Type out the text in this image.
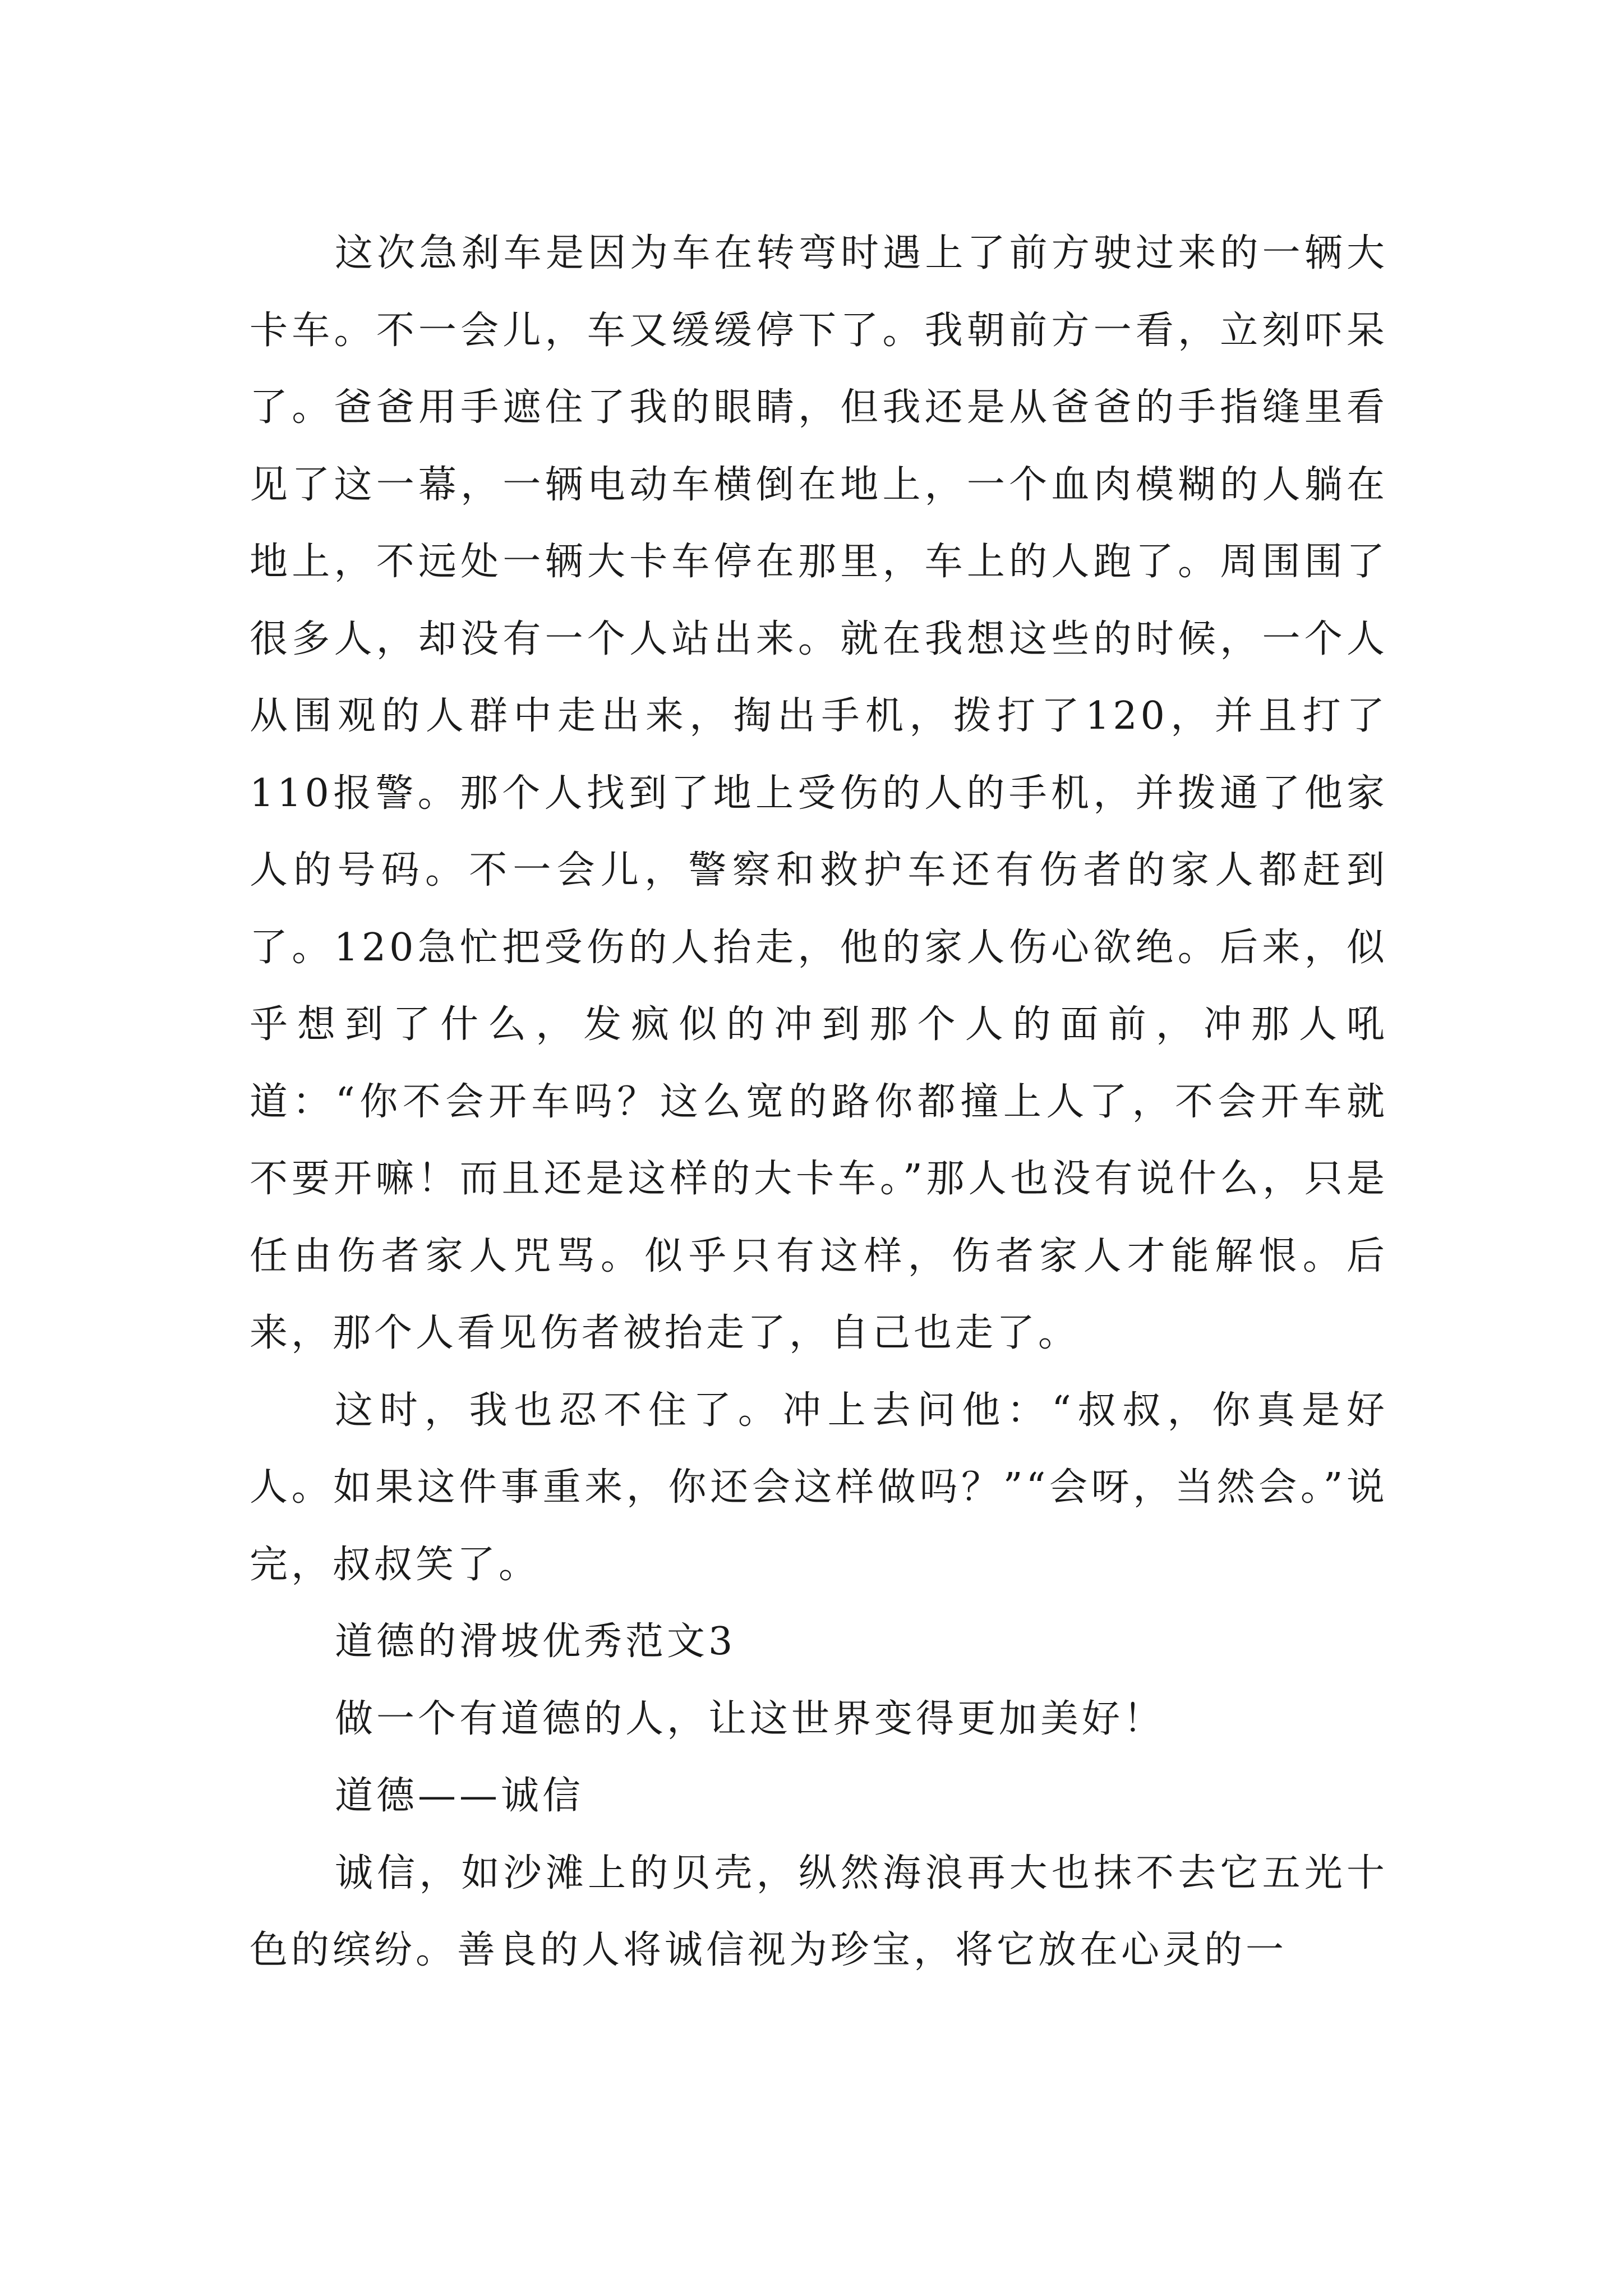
这次急刹车是因为车在转弯时遇上了前方驶过来的一辆大卡车。不一会儿，车又缓缓停下了。我朝前方一看，立刻吓呆了。爸爸用手遮住了我的眼睛，但我还是从爸爸的手指缝里看见了这一幕，一辆电动车横倒在地上，一个血肉模糊的人躺在地上，不远处一辆大卡车停在那里，车上的人跑了。周围围了很多人，却没有一个人站出来。就在我想这些的时候，一个人从围观的人群中走出来，掏出手机，拨打了120，并且打了110报警。那个人找到了地上受伤的人的手机，并拨通了他家人的号码。不一会儿，警察和救护车还有伤者的家人都赶到了。120急忙把受伤的人抬走，他的家人伤心欲绝。后来，似乎想到了什么，发疯似的冲到那个人的面前，冲那人吼道：“你不会开车吗？这么宽的路你都撞上人了，不会开车就不要开嘛！而且还是这样的大卡车。”那人也没有说什么，只是任由伤者家人咒骂。似乎只有这样，伤者家人才能解恨。后来，那个人看见伤者被抬走了，自己也走了。

这时，我也忍不住了。冲上去问他：“叔叔，你真是好人。如果这件事重来，你还会这样做吗？”“会呀，当然会。”说完，叔叔笑了。

道德的滑坡优秀范文3

做一个有道德的人，让这世界变得更加美好！

道德——诚信

诚信，如沙滩上的贝壳，纵然海浪再大也抹不去它五光十色的缤纷。善良的人将诚信视为珍宝，将它放在心灵的一
